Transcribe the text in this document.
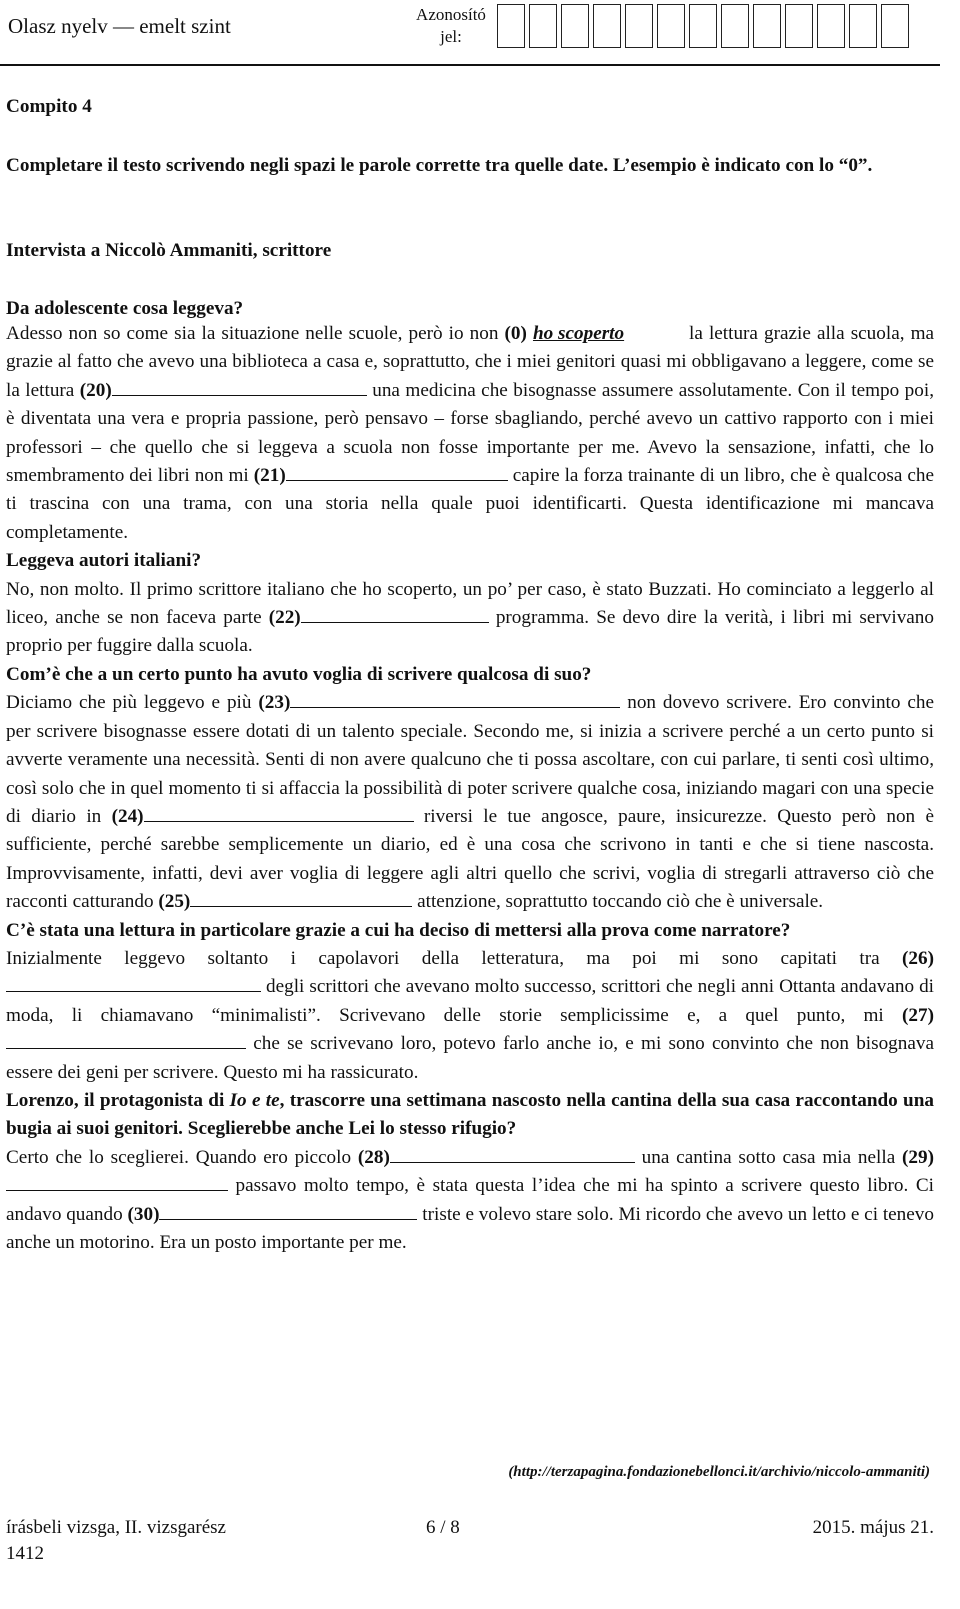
Olasz nyelv — emelt szint	Azonosító
jel:
Compito 4
Completare il testo scrivendo negli spazi le parole corrette tra quelle date. L’esempio è indicato con lo “0”.
Intervista a Niccolò Ammaniti, scrittore
Da adolescente cosa leggeva?

Adesso non so come sia la situazione nelle scuole, però io non (0) ho scoperto	la lettura grazie alla scuola, ma grazie al fatto che avevo una biblioteca a casa e, soprattutto, che i miei genitori quasi mi obbligavano a leggere, come se la lettura (20)	una medicina che bisognasse assumere assolutamente. Con il tempo poi, è diventata una vera e propria passione, però pensavo – forse sbagliando, perché avevo un cattivo rapporto con i miei professori – che quello che si leggeva a scuola non fosse importante per me. Avevo la sensazione, infatti, che lo smembramento dei libri non mi (21)	capire la forza trainante di un libro, che è qualcosa che ti trascina con una trama, con una storia nella quale puoi identificarti. Questa identificazione mi mancava completamente.

Leggeva autori italiani?

No, non molto. Il primo scrittore italiano che ho scoperto, un po’ per caso, è stato Buzzati. Ho cominciato a leggerlo al liceo, anche se non faceva parte (22)	programma. Se devo dire la verità, i libri mi servivano proprio per fuggire dalla scuola.

Com’è che a un certo punto ha avuto voglia di scrivere qualcosa di suo?

Diciamo che più leggevo e più (23)	non dovevo scrivere. Ero convinto che per scrivere bisognasse essere dotati di un talento speciale. Secondo me, si inizia a scrivere perché a un certo punto si avverte veramente una necessità. Senti di non avere qualcuno che ti possa ascoltare, con cui parlare, ti senti così ultimo, così solo che in quel momento ti si affaccia la possibilità di poter scrivere qualche cosa, iniziando magari con una specie di diario in (24)	riversi le tue angosce, paure, insicurezze. Questo però non è sufficiente, perché sarebbe semplicemente un diario, ed è una cosa che scrivono in tanti e che si tiene nascosta. Improvvisamente, infatti, devi aver voglia di leggere agli altri quello che scrivi, voglia di stregarli attraverso ciò che racconti catturando (25)	attenzione, soprattutto toccando ciò che è universale.

C’è stata una lettura in particolare grazie a cui ha deciso di mettersi alla prova come narratore?

Inizialmente leggevo soltanto i capolavori della letteratura, ma poi mi sono capitati tra (26) degli scrittori che avevano molto successo, scrittori che negli anni Ottanta andavano di moda, li chiamavano “minimalisti”. Scrivevano delle storie semplicissime e, a quel punto, mi (27) che se scrivevano loro, potevo farlo anche io, e mi sono convinto che non bisognava essere dei geni per scrivere. Questo mi ha rassicurato.

Lorenzo, il protagonista di Io e te, trascorre una settimana nascosto nella cantina della sua casa raccontando una bugia ai suoi genitori. Sceglierebbe anche Lei lo stesso rifugio?

Certo che lo sceglierei. Quando ero piccolo (28)	una cantina sotto casa mia nella (29) passavo molto tempo, è stata questa l’idea che mi ha spinto a scrivere questo libro. Ci andavo quando (30)	triste e volevo stare solo. Mi ricordo che avevo un letto e ci tenevo anche un motorino. Era un posto importante per me.

(http://terzapagina.fondazionebellonci.it/archivio/niccolo-ammaniti)
írásbeli vizsga, II. vizsgarész
1412
6 / 8	2015. május 21.
